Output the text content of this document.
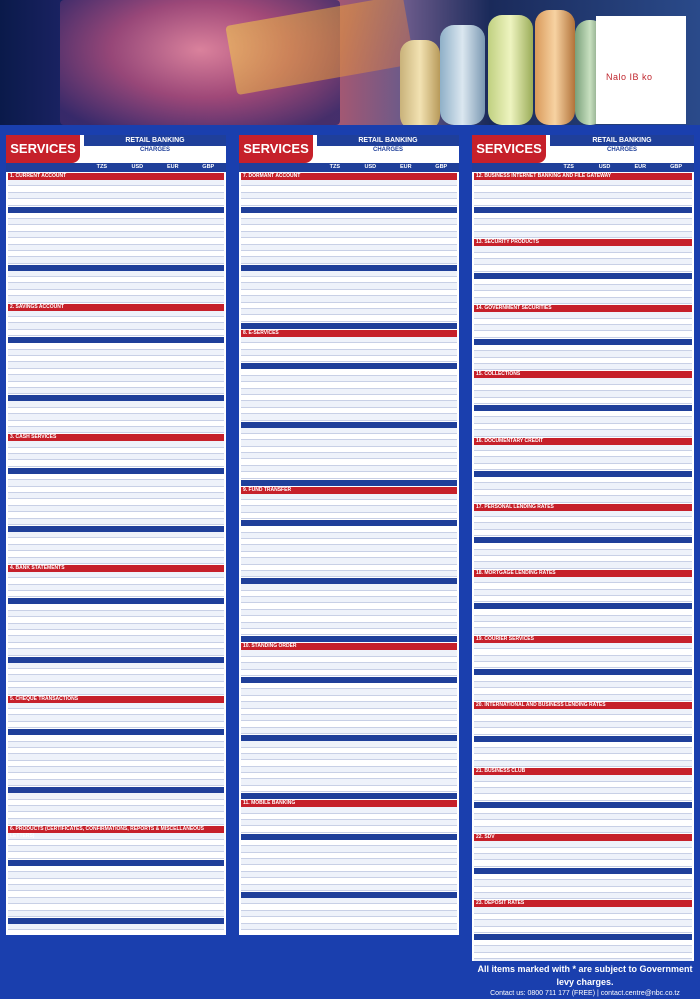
Nalo IB ko
SERVICES
RETAIL BANKING
CHARGES
TZS	USD	EUR	GBP
1. CURRENT ACCOUNT
2. SAVINGS ACCOUNT
3. CASH SERVICES
4. BANK STATEMENTS
5. CHEQUE TRANSACTIONS
6. PRODUCTS (CERTIFICATES, CONFIRMATIONS, REPORTS & MISCELLANEOUS LETTERS)
SERVICES
RETAIL BANKING
CHARGES
TZS	USD	EUR	GBP
7. DORMANT ACCOUNT
8. E-SERVICES
9. FUND TRANSFER
10. STANDING ORDER
11. MOBILE BANKING
SERVICES
RETAIL BANKING
CHARGES
TZS	USD	EUR	GBP
12. BUSINESS INTERNET BANKING AND FILE GATEWAY
13. SECURITY PRODUCTS
14. GOVERNMENT SECURITIES
15. COLLECTIONS
16. DOCUMENTARY CREDIT
17. PERSONAL LENDING RATES
18. MORTGAGE LENDING RATES
19. COURIER SERVICES
20. INTERNATIONAL AND BUSINESS LENDING RATES
21. BUSINESS CLUB
22. SDV
23. DEPOSIT RATES
All items marked with * are subject to Government levy charges.
Contact us: 0800 711 177 (FREE) | contact.centre@nbc.co.tz
